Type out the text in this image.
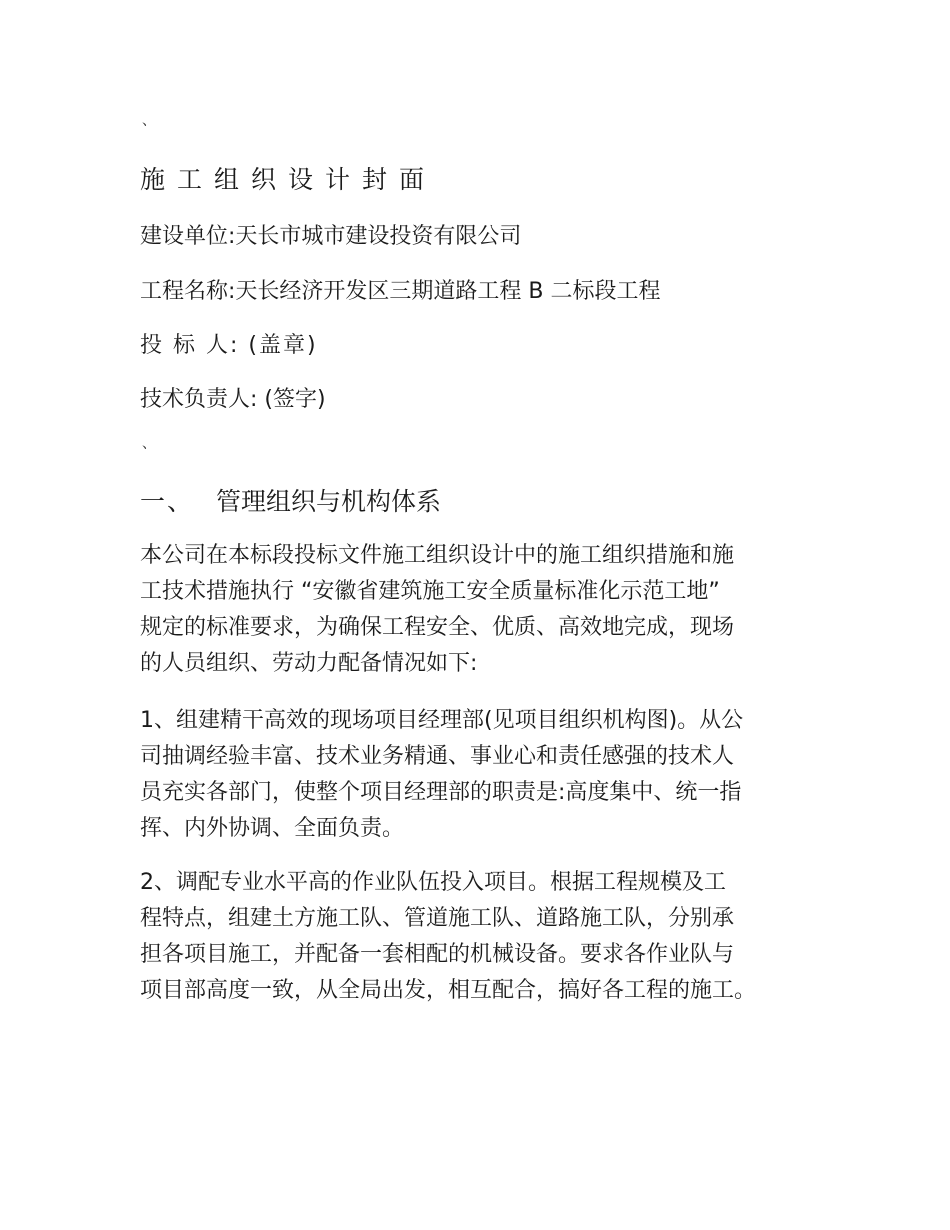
、
施工组织设计封面
建设单位:天长市城市建设投资有限公司
工程名称:天长经济开发区三期道路工程 B 二标段工程
投 标 人: (盖章)
技术负责人: (签字)
、
一、 管理组织与机构体系
本公司在本标段投标文件施工组织设计中的施工组织措施和施
工技术措施执行 “安徽省建筑施工安全质量标准化示范工地”
规定的标准要求，为确保工程安全、优质、高效地完成，现场
的人员组织、劳动力配备情况如下:
1、组建精干高效的现场项目经理部(见项目组织机构图)。从公
司抽调经验丰富、技术业务精通、事业心和责任感强的技术人
员充实各部门，使整个项目经理部的职责是:高度集中、统一指
挥、内外协调、全面负责。
2、调配专业水平高的作业队伍投入项目。根据工程规模及工
程特点，组建土方施工队、管道施工队、道路施工队，分别承
担各项目施工，并配备一套相配的机械设备。要求各作业队与
项目部高度一致，从全局出发，相互配合，搞好各工程的施工。
